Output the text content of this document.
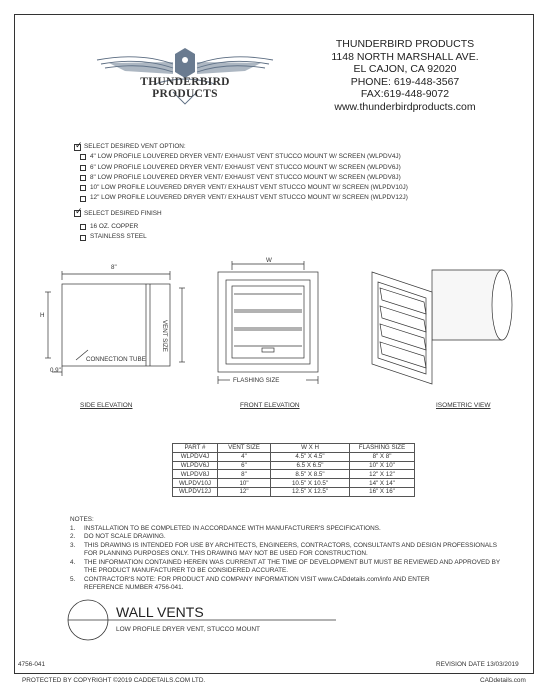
THUNDERBIRD PRODUCTS
THUNDERBIRD PRODUCTS
1148 NORTH MARSHALL AVE.
EL CAJON, CA 92020
PHONE: 619-448-3567
FAX:619-448-9072
www.thunderbirdproducts.com
✓
SELECT DESIRED VENT OPTION:
4" LOW PROFILE LOUVERED DRYER VENT/ EXHAUST VENT STUCCO MOUNT W/ SCREEN (WLPDV4J)
6" LOW PROFILE LOUVERED DRYER VENT/ EXHAUST VENT STUCCO MOUNT W/ SCREEN (WLPDV6J)
8" LOW PROFILE LOUVERED DRYER VENT/ EXHAUST VENT STUCCO MOUNT W/ SCREEN (WLPDV8J)
10" LOW PROFILE LOUVERED DRYER VENT/ EXHAUST VENT STUCCO MOUNT W/ SCREEN (WLPDV10J)
12" LOW PROFILE LOUVERED DRYER VENT/ EXHAUST VENT STUCCO MOUNT W/ SCREEN (WLPDV12J)
✓
SELECT DESIRED FINISH
16 OZ. COPPER
STAINLESS STEEL
8"
H
VENT SIZE
CONNECTION TUBE
0.9"
SIDE ELEVATION
W
FLASHING SIZE
FRONT ELEVATION	ISOMETRIC VIEW
PART #	VENT SIZE	W X H	FLASHING SIZE
WLPDV4J	4"	4.5" X 4.5"	8" X 8"
WLPDV6J	6"	6.5 X 6.5"	10" X 10"
WLPDV8J	8"	8.5" X 8.5"	12" X 12"
WLPDV10J	10"	10.5" X 10.5"	14" X 14"
WLPDV12J	12"	12.5" X 12.5"	16" X 16"
NOTES:
1.	INSTALLATION TO BE COMPLETED IN ACCORDANCE WITH MANUFACTURER'S SPECIFICATIONS.
2.	DO NOT SCALE DRAWING.
3.	THIS DRAWING IS INTENDED FOR USE BY ARCHITECTS, ENGINEERS, CONTRACTORS, CONSULTANTS AND DESIGN PROFESSIONALS
FOR PLANNING PURPOSES ONLY. THIS DRAWING MAY NOT BE USED FOR CONSTRUCTION.
4.	THE INFORMATION CONTAINED HEREIN WAS CURRENT AT THE TIME OF DEVELOPMENT BUT MUST BE REVIEWED AND APPROVED BY
THE PRODUCT MANUFACTURER TO BE CONSIDERED ACCURATE.
5.	CONTRACTOR'S NOTE: FOR PRODUCT AND COMPANY INFORMATION VISIT www.CADdetails.com/info AND ENTER
REFERENCE NUMBER 4756-041.
WALL VENTS
LOW PROFILE DRYER VENT, STUCCO MOUNT
4756-041	REVISION DATE 13/03/2019
PROTECTED BY COPYRIGHT ©2019 CADDETAILS.COM LTD.	CADdetails.com
